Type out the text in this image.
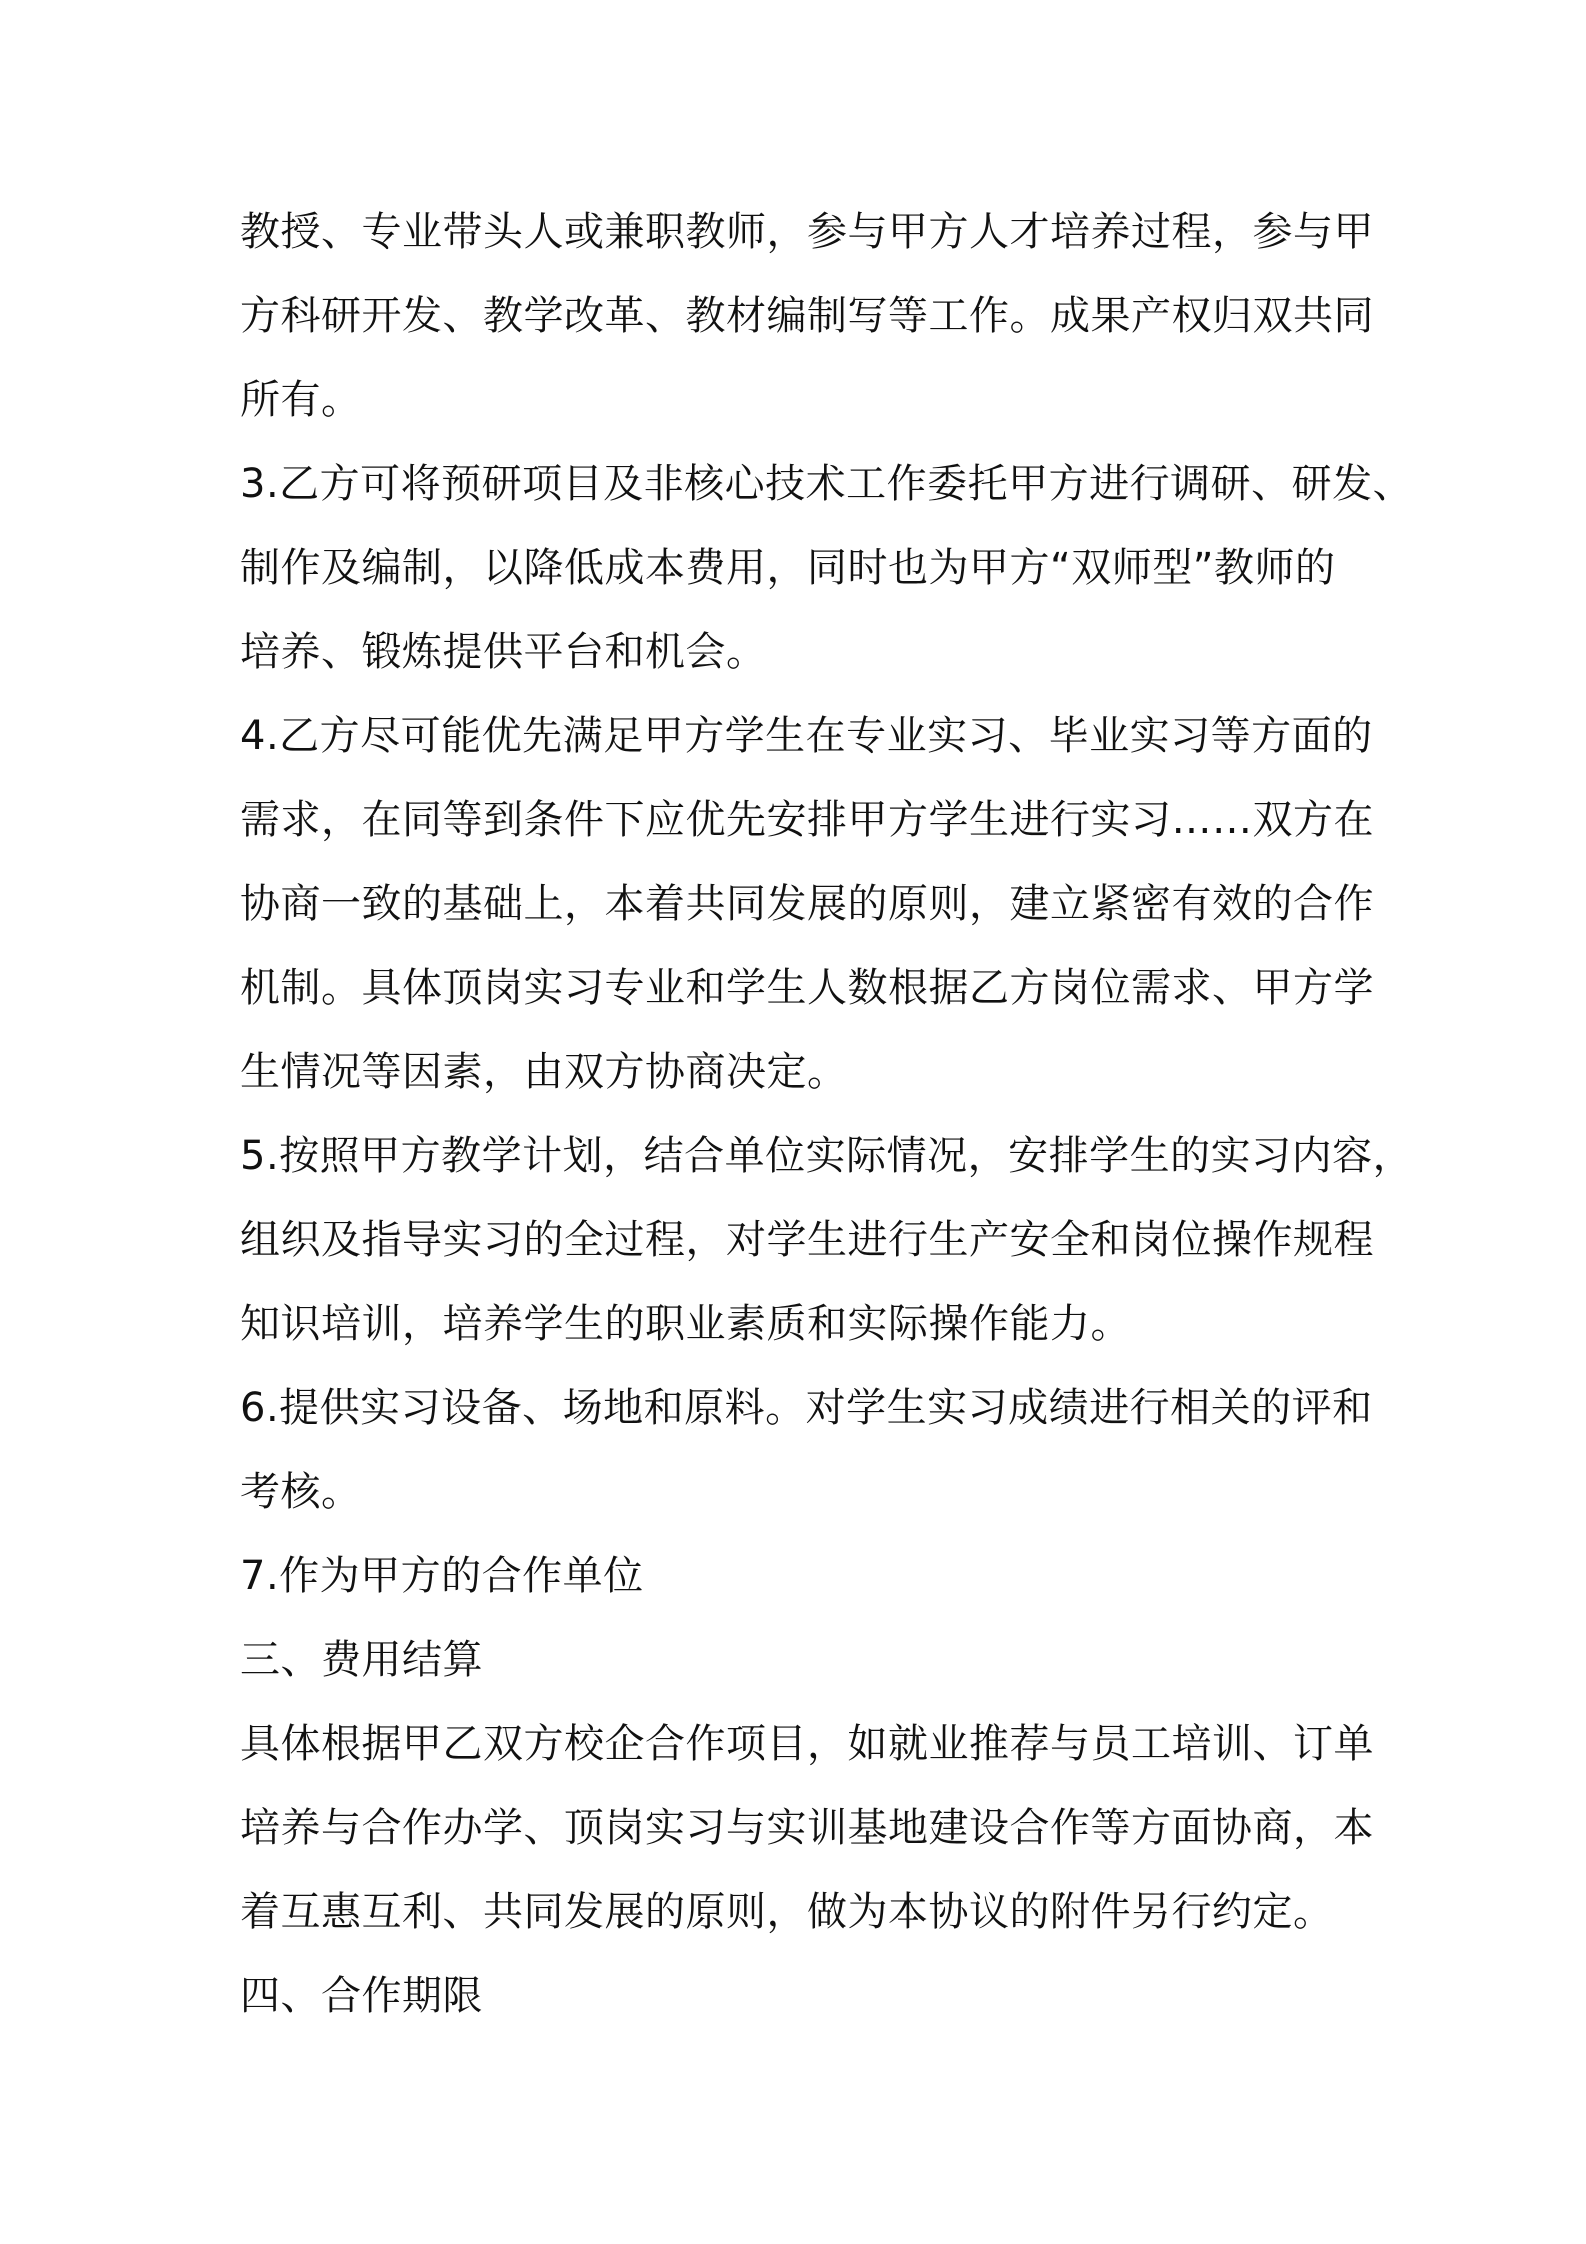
教授、专业带头人或兼职教师，参与甲方人才培养过程，参与甲
方科研开发、教学改革、教材编制写等工作。成果产权归双共同
所有。
3.乙方可将预研项目及非核心技术工作委托甲方进行调研、研发、
制作及编制，以降低成本费用，同时也为甲方“双师型”教师的
培养、锻炼提供平台和机会。
4.乙方尽可能优先满足甲方学生在专业实习、毕业实习等方面的
需求，在同等到条件下应优先安排甲方学生进行实习……双方在
协商一致的基础上，本着共同发展的原则，建立紧密有效的合作
机制。具体顶岗实习专业和学生人数根据乙方岗位需求、甲方学
生情况等因素，由双方协商决定。
5.按照甲方教学计划，结合单位实际情况，安排学生的实习内容，
组织及指导实习的全过程，对学生进行生产安全和岗位操作规程
知识培训，培养学生的职业素质和实际操作能力。
6.提供实习设备、场地和原料。对学生实习成绩进行相关的评和
考核。
7.作为甲方的合作单位
三、费用结算
具体根据甲乙双方校企合作项目，如就业推荐与员工培训、订单
培养与合作办学、顶岗实习与实训基地建设合作等方面协商，本
着互惠互利、共同发展的原则，做为本协议的附件另行约定。
四、合作期限
